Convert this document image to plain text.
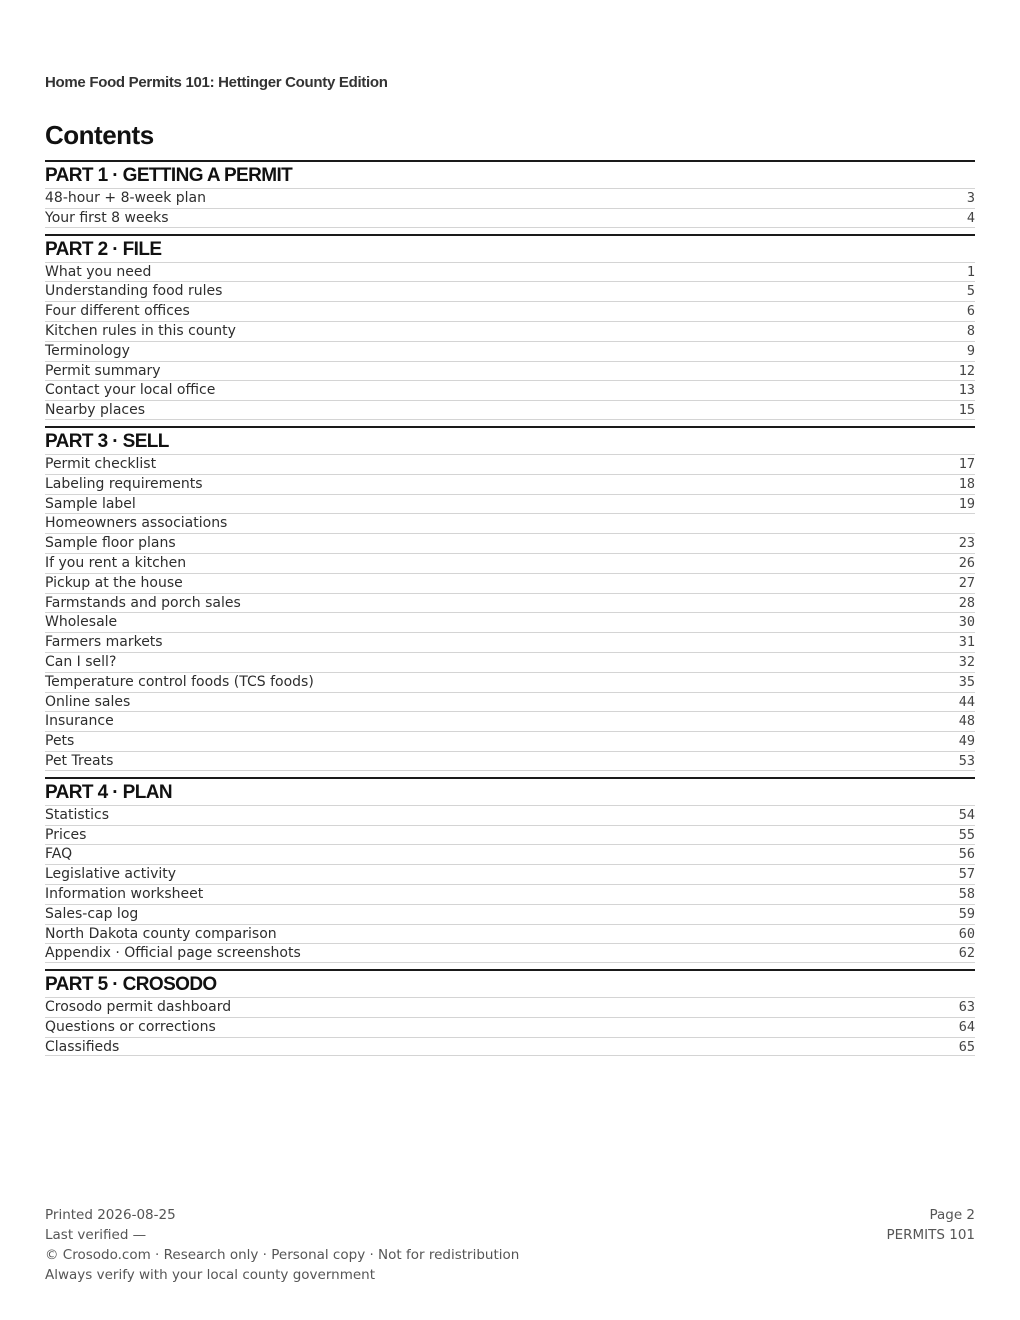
Home Food Permits 101: Hettinger County Edition
Contents
PART 1 · GETTING A PERMIT
48-hour + 8-week plan	3
Your first 8 weeks	4
PART 2 · FILE
What you need	1
Understanding food rules	5
Four different offices	6
Kitchen rules in this county	8
Terminology	9
Permit summary	12
Contact your local office	13
Nearby places	15
PART 3 · SELL
Permit checklist	17
Labeling requirements	18
Sample label	19
Homeowners associations
Sample floor plans	23
If you rent a kitchen	26
Pickup at the house	27
Farmstands and porch sales	28
Wholesale	30
Farmers markets	31
Can I sell?	32
Temperature control foods (TCS foods)	35
Online sales	44
Insurance	48
Pets	49
Pet Treats	53
PART 4 · PLAN
Statistics	54
Prices	55
FAQ	56
Legislative activity	57
Information worksheet	58
Sales-cap log	59
North Dakota county comparison	60
Appendix · Official page screenshots	62
PART 5 · CROSODO
Crosodo permit dashboard	63
Questions or corrections	64
Classifieds	65
Printed 2026-08-25
Last verified —
© Crosodo.com · Research only · Personal copy · Not for redistribution
Always verify with your local county government
Page 2
PERMITS 101
